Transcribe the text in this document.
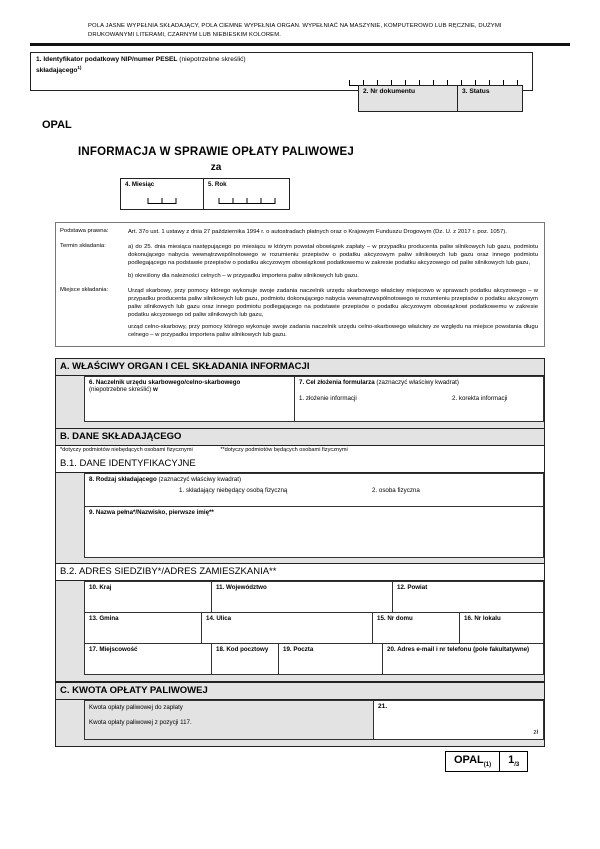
POLA JASNE WYPEŁNIA SKŁADAJĄCY, POLA CIEMNE WYPEŁNIA ORGAN. WYPEŁNIAĆ NA MASZYNIE, KOMPUTEROWO LUB RĘCZNIE, DUŻYMI DRUKOWANYMI LITERAMI, CZARNYM LUB NIEBIESKIM KOLOREM.
1. Identyfikator podatkowy NIP/numer PESEL (niepotrzebne skreślić)
składającego$^{1)}$
2. Nr dokumentu	3. Status
OPAL
INFORMACJA W SPRAWIE OPŁATY PALIWOWEJ
za
4. Miesiąc	5. Rok
Podstawa prawna:	Art. 37o ust. 1 ustawy z dnia 27 października 1994 r. o autostradach płatnych oraz o Krajowym Funduszu Drogowym (Dz. U. z 2017 r. poz. 1057).
Termin składania:	a) do 25. dnia miesiąca następującego po miesiącu w którym powstał obowiązek zapłaty – w przypadku producenta paliw silnikowych lub gazu, podmiotu dokonującego nabycia wewnątrzwspólnotowego w rozumieniu przepisów o podatku akcyzowym paliw silnikowych lub gazu oraz innego podmiotu podlegającego na podstawie przepisów o podatku akcyzowym obowiązkowi podatkowemu w zakresie podatku akcyzowego od paliw silnikowych lub gazu,

b) określony dla należności celnych – w przypadku importera paliw silnikowych lub gazu.

Miejsce składania:	Urząd skarbowy, przy pomocy którego wykonuje swoje zadania naczelnik urzędu skarbowego właściwy miejscowo w sprawach podatku akcyzowego – w przypadku producenta paliw silnikowych lub gazu, podmiotu dokonującego nabycia wewnątrzwspólnotowego w rozumieniu przepisów o podatku akcyzowym paliw silnikowych lub gazu oraz innego podmiotu podlegającego na podstawie przepisów o podatku akcyzowym obowiązkowi podatkowemu w zakresie podatku akcyzowego od paliw silnikowych lub gazu,

urząd celno-skarbowy, przy pomocy którego wykonuje swoje zadania naczelnik urzędu celno-skarbowego właściwy ze względu na miejsce powstania długu celnego – w przypadku importera paliw silnikowych lub gazu.

A. WŁAŚCIWY ORGAN I CEL SKŁADANIA INFORMACJI
6. Naczelnik urzędu skarbowego/celno-skarbowego
(niepotrzebne skreślić) w
7. Cel złożenia formularza (zaznaczyć właściwy kwadrat)
1. złożenie informacji	2. korekta informacji
B. DANE SKŁADAJĄCEGO
*dotyczy podmiotów niebędących osobami fizycznymi	**dotyczy podmiotów będących osobami fizycznymi
B.1. DANE IDENTYFIKACYJNE
8. Rodzaj składającego (zaznaczyć właściwy kwadrat)
1. składający niebędący osobą fizyczną	2. osoba fizyczna
9. Nazwa pełna*/Nazwisko, pierwsze imię**
B.2. ADRES SIEDZIBY*/ADRES ZAMIESZKANIA**
10. Kraj	11. Województwo	12. Powiat
13. Gmina	14. Ulica	15. Nr domu	16. Nr lokalu
17. Miejscowość	18. Kod pocztowy	19. Poczta	20. Adres e-mail i nr telefonu (pole fakultatywne)
C. KWOTA OPŁATY PALIWOWEJ
Kwota opłaty paliwowej do zapłaty
Kwota opłaty paliwowej z pozycji 117.
21.
zł
$OPAL_{(1)}$	$1_{/3}$
